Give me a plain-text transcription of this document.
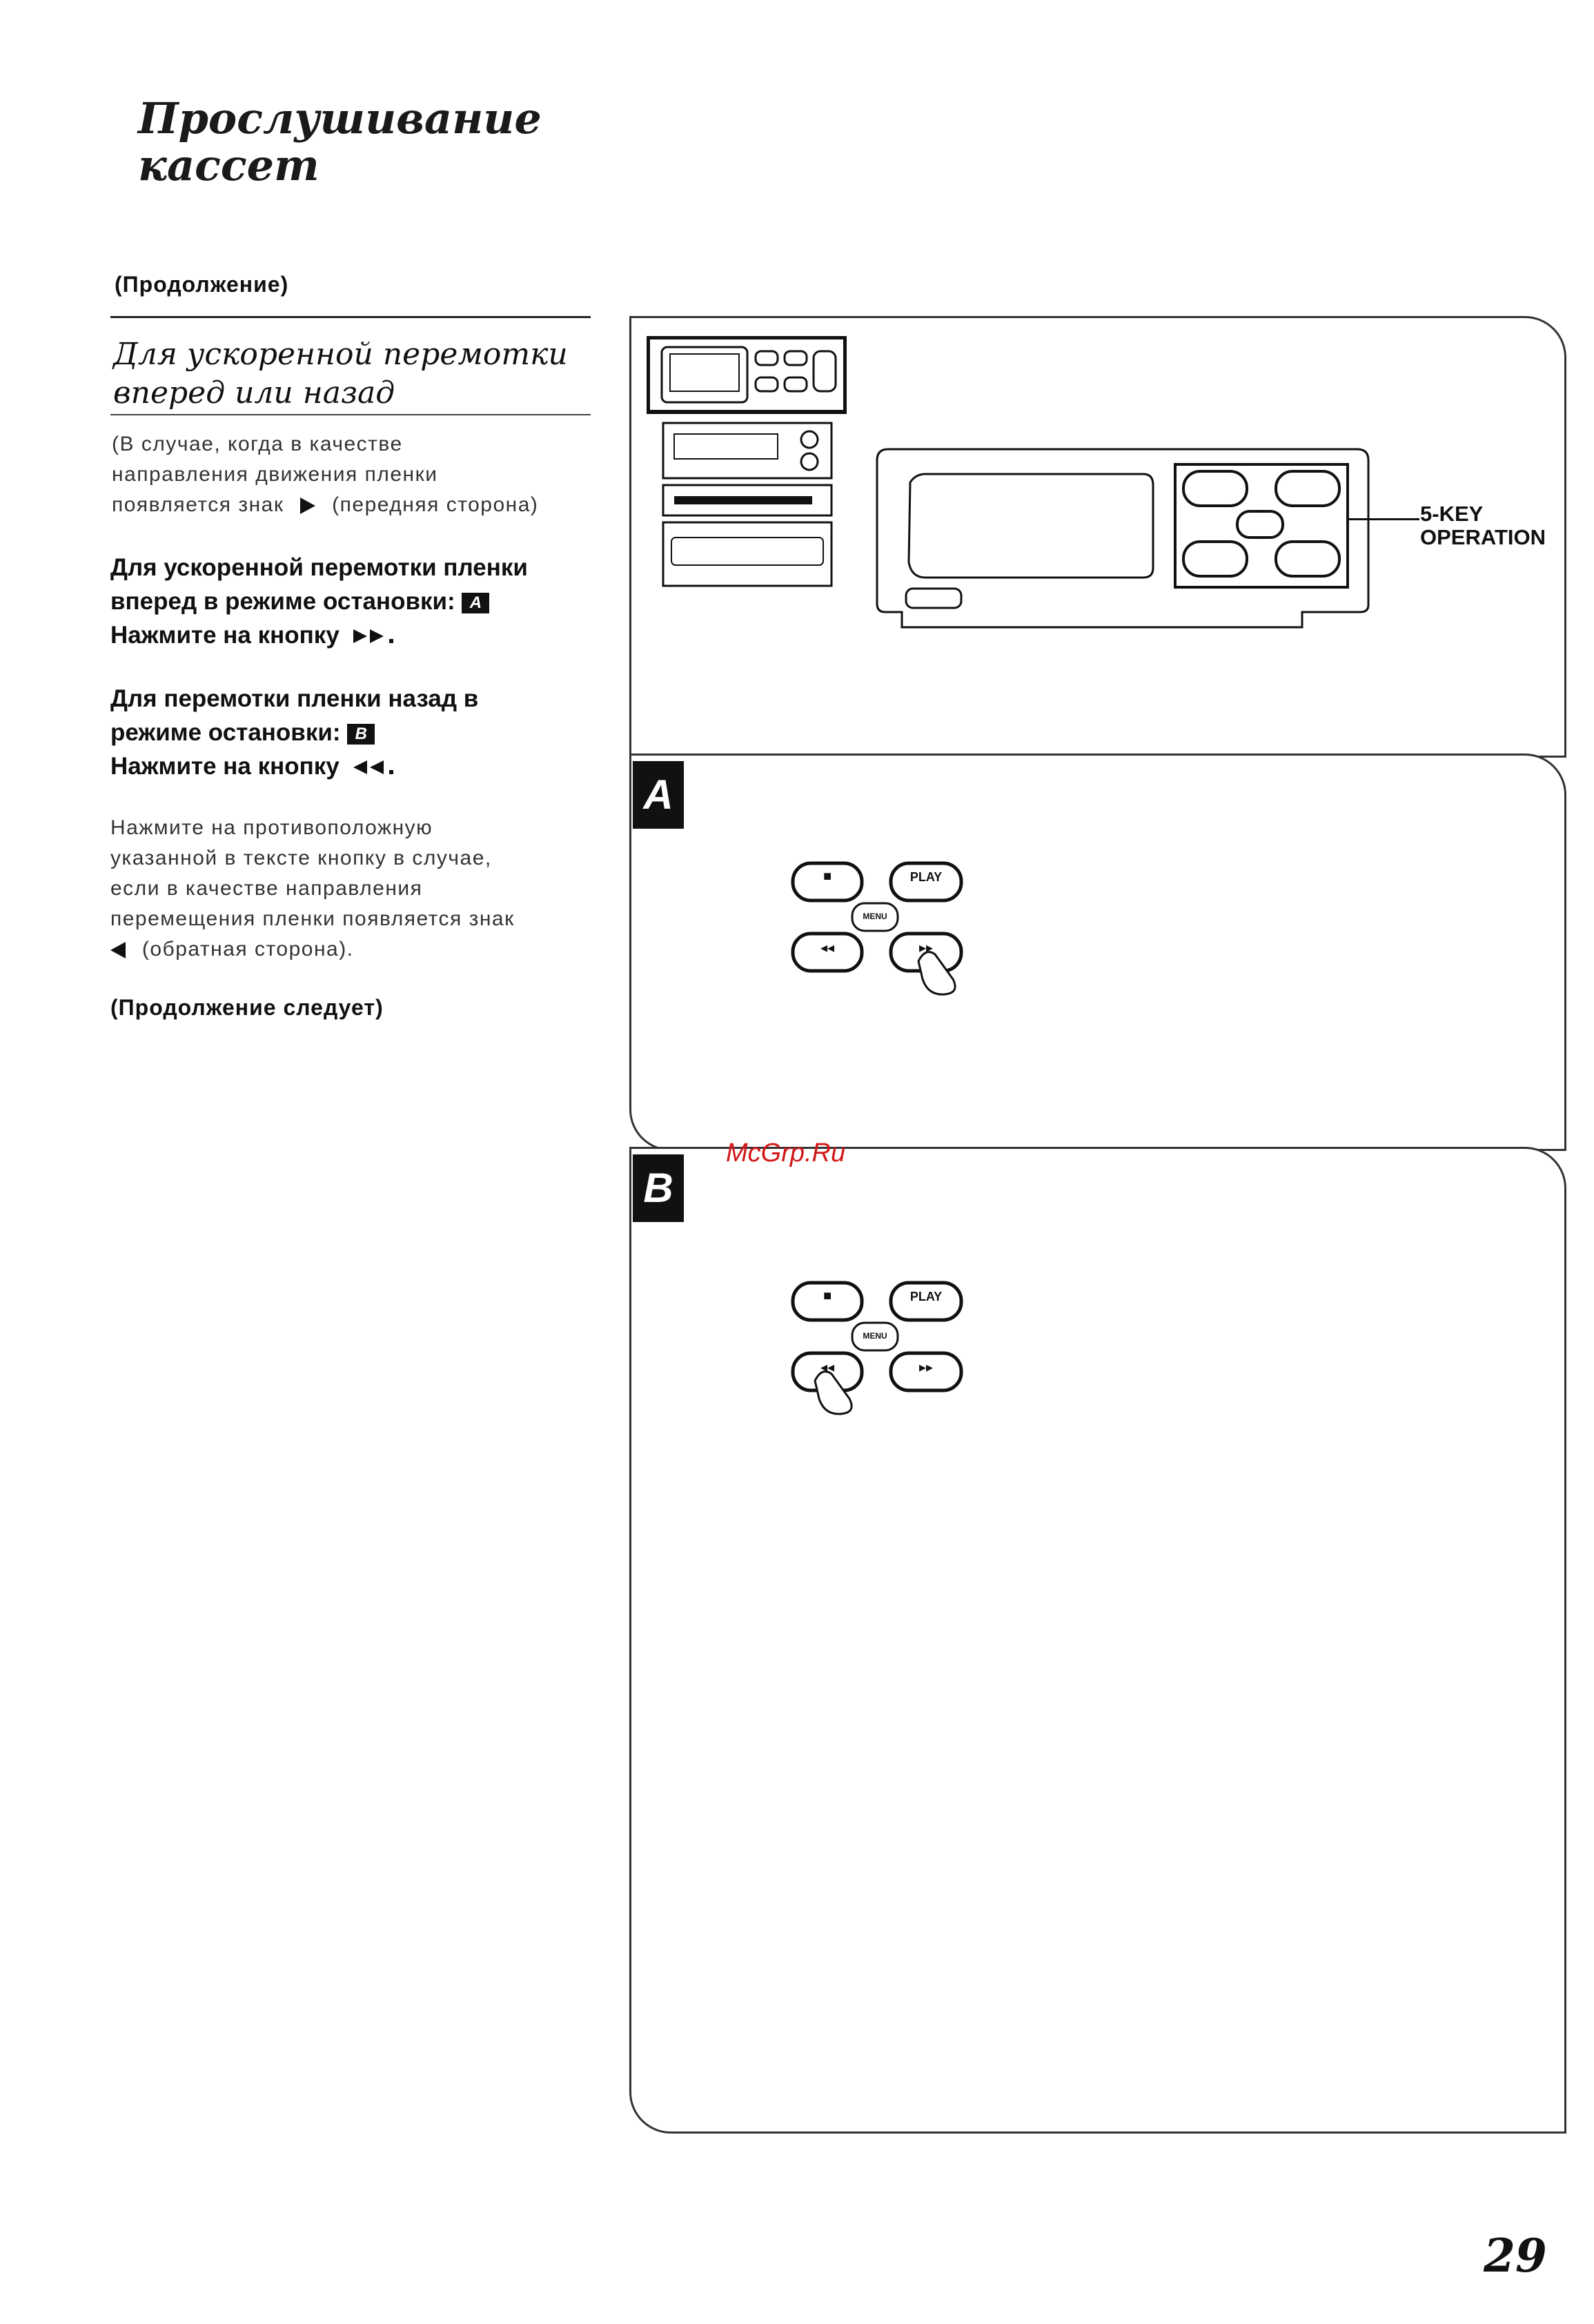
Прослушивание
кассет
(Продолжение)
Для ускоренной перемотки
вперед или назад
(В случае, когда в качестве
направления движения пленки
появляется знак (передняя сторона)
Для ускоренной перемотки пленки
вперед в режиме остановки: A
Нажмите на кнопку
Для перемотки пленки назад в
режиме остановки: B
Нажмите на кнопку
Нажмите на противоположную
указанной в тексте кнопку в случае,
если в качестве направления
перемещения пленки появляется знак
(обратная сторона).
(Продолжение следует)
5-KEY
OPERATION
A
■	PLAY
MENU
◂◂	▸▸
B
■	PLAY
MENU
◂◂	▸▸
McGrp.Ru
29
